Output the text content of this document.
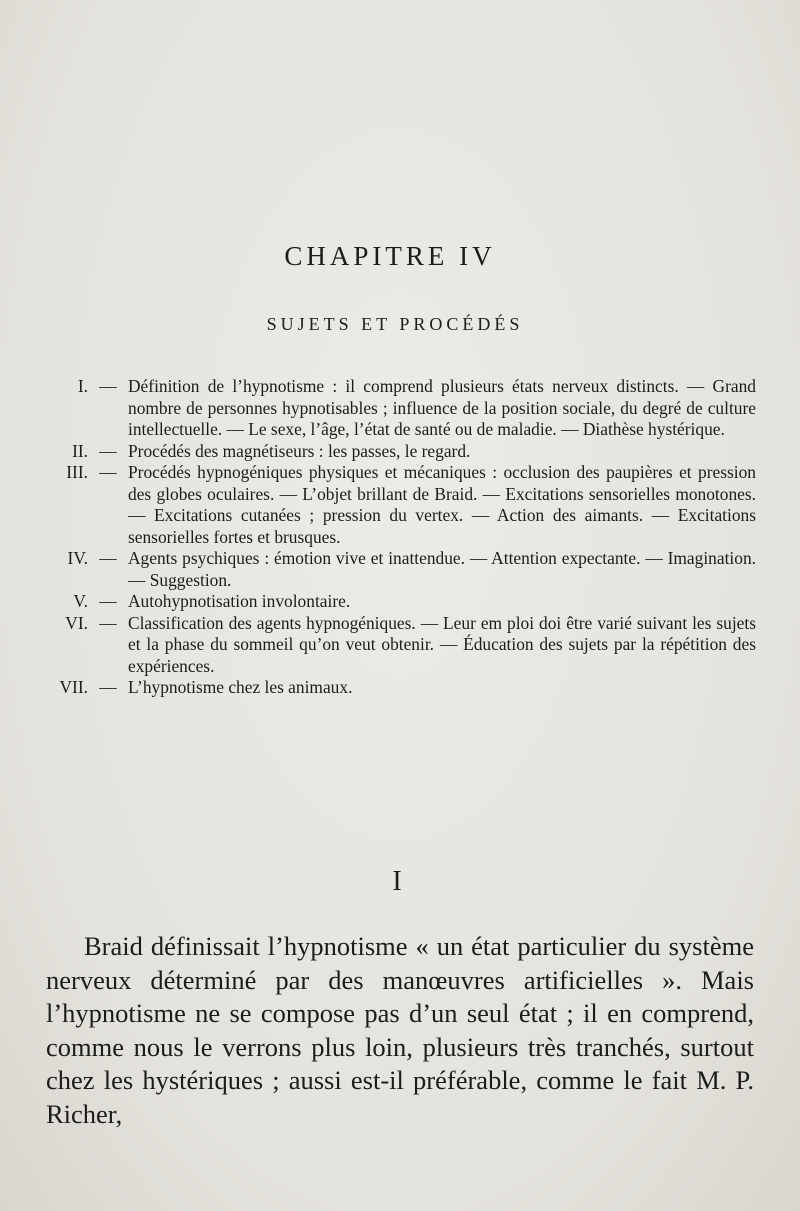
CHAPITRE IV
SUJETS ET PROCÉDÉS
I. — Définition de l’hypnotisme : il comprend plusieurs états nerveux distincts. — Grand nombre de personnes hypnotisables ; influence de la position sociale, du degré de culture intellectuelle. — Le sexe, l’âge, l’état de santé ou de maladie. — Diathèse hystérique.
II. — Procédés des magnétiseurs : les passes, le regard.
III. — Procédés hypnogéniques physiques et mécaniques : occlusion des paupières et pression des globes oculaires. — L’objet brillant de Braid. — Excitations sensorielles monotones.— Excitations cutanées ; pression du vertex. — Action des aimants. — Excitations sensorielles fortes et brusques.
IV. — Agents psychiques : émotion vive et inattendue. — Attention expectante. — Imagination. — Suggestion.
V. — Autohypnotisation involontaire.
VI. — Classification des agents hypnogéniques. — Leur em ploi doi être varié suivant les sujets et la phase du sommeil qu’on veut obtenir. — Éducation des sujets par la répétition des expériences.
VII. — L’hypnotisme chez les animaux.
I

Braid définissait l’hypnotisme « un état particulier du système nerveux déterminé par des manœuvres artificielles ». Mais l’hypnotisme ne se compose pas d’un seul état ; il en comprend, comme nous le verrons plus loin, plusieurs très tranchés, surtout chez les hystériques ; aussi est-il préférable, comme le fait M. P. Richer,
